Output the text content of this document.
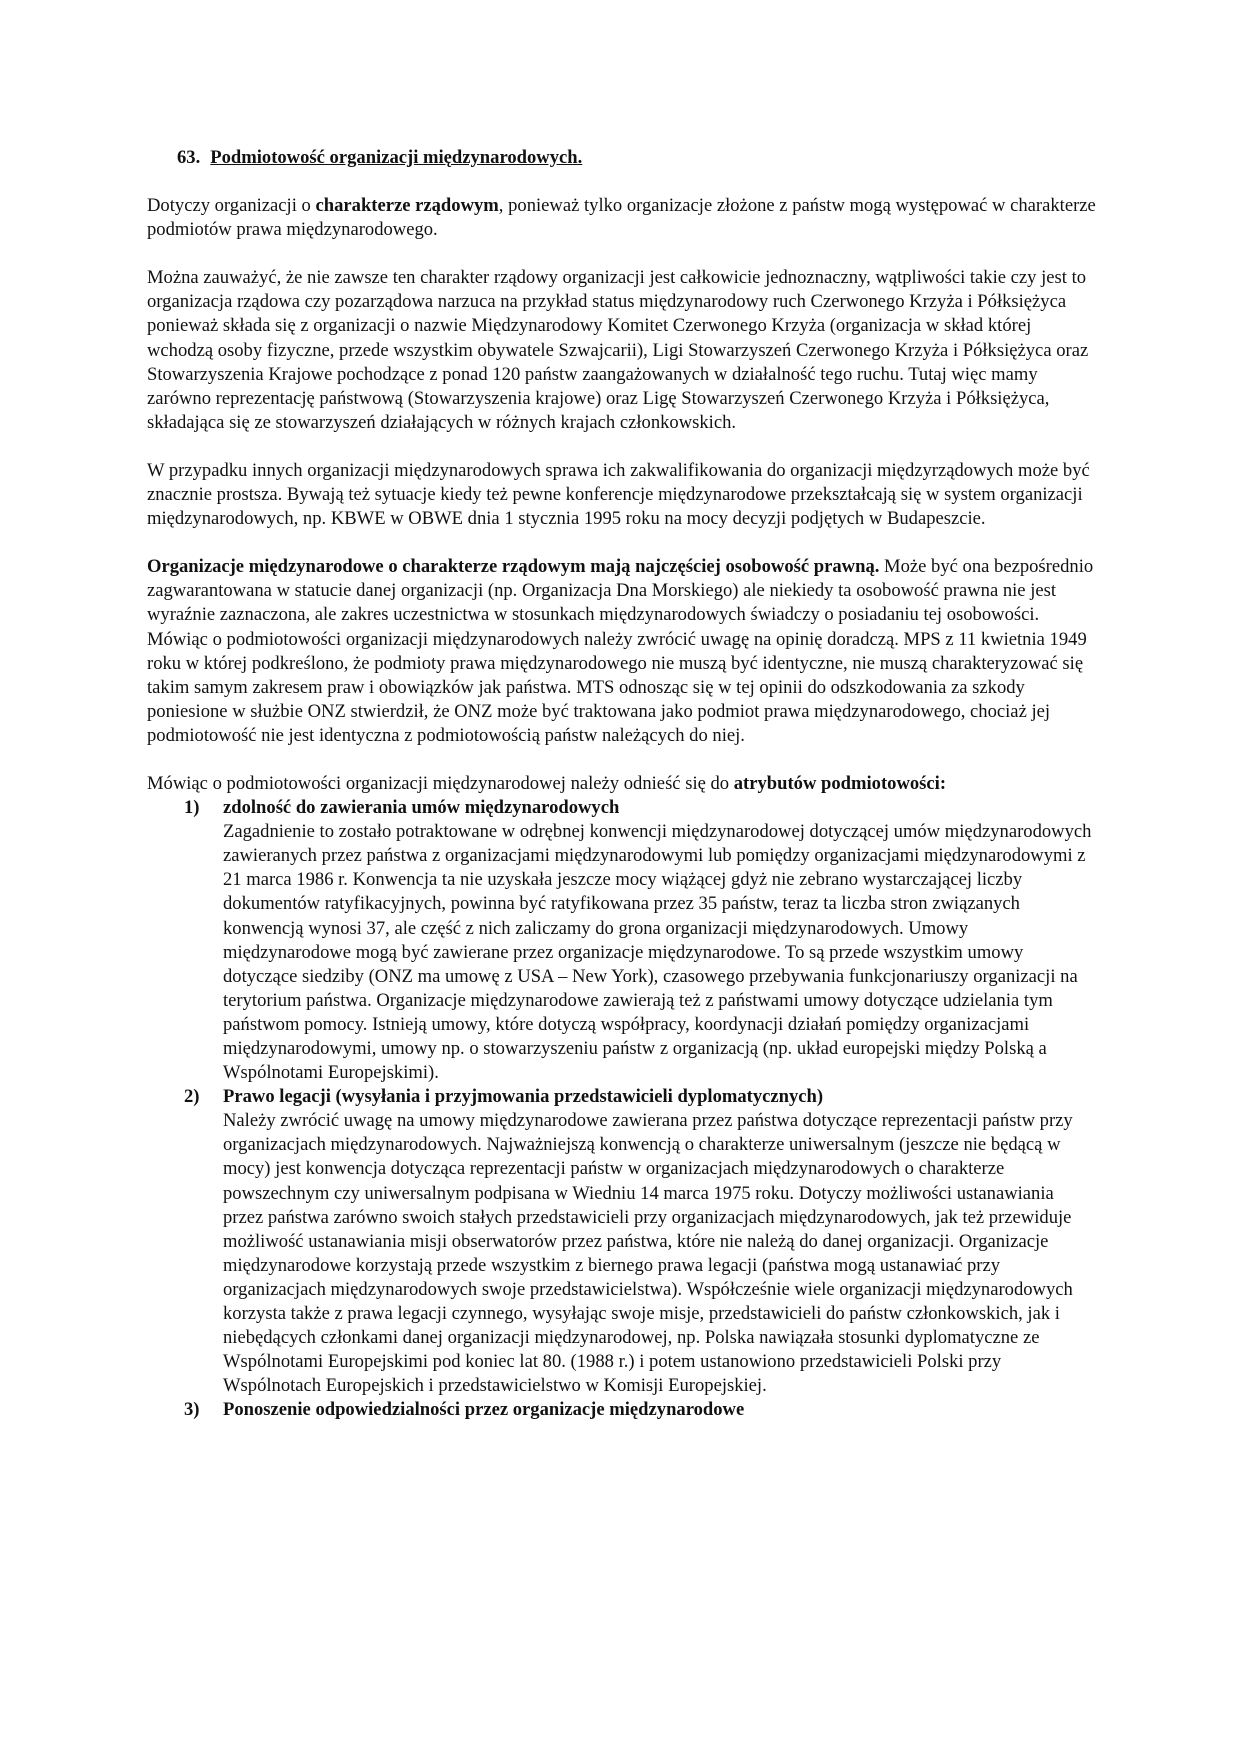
63. Podmiotowość organizacji międzynarodowych.

Dotyczy organizacji o charakterze rządowym, ponieważ tylko organizacje złożone z państw mogą występować w charakterze podmiotów prawa międzynarodowego.

Można zauważyć, że nie zawsze ten charakter rządowy organizacji jest całkowicie jednoznaczny, wątpliwości takie czy jest to organizacja rządowa czy pozarządowa narzuca na przykład status międzynarodowy ruch Czerwonego Krzyża i Półksiężyca ponieważ składa się z organizacji o nazwie Międzynarodowy Komitet Czerwonego Krzyża (organizacja w skład której wchodzą osoby fizyczne, przede wszystkim obywatele Szwajcarii), Ligi Stowarzyszeń Czerwonego Krzyża i Półksiężyca oraz Stowarzyszenia Krajowe pochodzące z ponad 120 państw zaangażowanych w działalność tego ruchu. Tutaj więc mamy zarówno reprezentację państwową (Stowarzyszenia krajowe) oraz Ligę Stowarzyszeń Czerwonego Krzyża i Półksiężyca, składająca się ze stowarzyszeń działających w różnych krajach członkowskich.

W przypadku innych organizacji międzynarodowych sprawa ich zakwalifikowania do organizacji międzyrządowych może być znacznie prostsza. Bywają też sytuacje kiedy też pewne konferencje międzynarodowe przekształcają się w system organizacji międzynarodowych, np. KBWE w OBWE dnia 1 stycznia 1995 roku na mocy decyzji podjętych w Budapeszcie.

Organizacje międzynarodowe o charakterze rządowym mają najczęściej osobowość prawną. Może być ona bezpośrednio zagwarantowana w statucie danej organizacji (np. Organizacja Dna Morskiego) ale niekiedy ta osobowość prawna nie jest wyraźnie zaznaczona, ale zakres uczestnictwa w stosunkach międzynarodowych świadczy o posiadaniu tej osobowości. Mówiąc o podmiotowości organizacji międzynarodowych należy zwrócić uwagę na opinię doradczą. MPS z 11 kwietnia 1949 roku w której podkreślono, że podmioty prawa międzynarodowego nie muszą być identyczne, nie muszą charakteryzować się takim samym zakresem praw i obowiązków jak państwa. MTS odnosząc się w tej opinii do odszkodowania za szkody poniesione w służbie ONZ stwierdził, że ONZ może być traktowana jako podmiot prawa międzynarodowego, chociaż jej podmiotowość nie jest identyczna z podmiotowością państw należących do niej.

Mówiąc o podmiotowości organizacji międzynarodowej należy odnieść się do atrybutów podmiotowości:

1) zdolność do zawierania umów międzynarodowych
Zagadnienie to zostało potraktowane w odrębnej konwencji międzynarodowej dotyczącej umów międzynarodowych zawieranych przez państwa z organizacjami międzynarodowymi lub pomiędzy organizacjami międzynarodowymi z 21 marca 1986 r. Konwencja ta nie uzyskała jeszcze mocy wiążącej gdyż nie zebrano wystarczającej liczby dokumentów ratyfikacyjnych, powinna być ratyfikowana przez 35 państw, teraz ta liczba stron związanych konwencją wynosi 37, ale część z nich zaliczamy do grona organizacji międzynarodowych. Umowy międzynarodowe mogą być zawierane przez organizacje międzynarodowe. To są przede wszystkim umowy dotyczące siedziby (ONZ ma umowę z USA – New York), czasowego przebywania funkcjonariuszy organizacji na terytorium państwa. Organizacje międzynarodowe zawierają też z państwami umowy dotyczące udzielania tym państwom pomocy. Istnieją umowy, które dotyczą współpracy, koordynacji działań pomiędzy organizacjami międzynarodowymi, umowy np. o stowarzyszeniu państw z organizacją (np. układ europejski między Polską a Wspólnotami Europejskimi).
2) Prawo legacji (wysyłania i przyjmowania przedstawicieli dyplomatycznych)
Należy zwrócić uwagę na umowy międzynarodowe zawierana przez państwa dotyczące reprezentacji państw przy organizacjach międzynarodowych. Najważniejszą konwencją o charakterze uniwersalnym (jeszcze nie będącą w mocy) jest konwencja dotycząca reprezentacji państw w organizacjach międzynarodowych o charakterze powszechnym czy uniwersalnym podpisana w Wiedniu 14 marca 1975 roku. Dotyczy możliwości ustanawiania przez państwa zarówno swoich stałych przedstawicieli przy organizacjach międzynarodowych, jak też przewiduje możliwość ustanawiania misji obserwatorów przez państwa, które nie należą do danej organizacji. Organizacje międzynarodowe korzystają przede wszystkim z biernego prawa legacji (państwa mogą ustanawiać przy organizacjach międzynarodowych swoje przedstawicielstwa). Współcześnie wiele organizacji międzynarodowych korzysta także z prawa legacji czynnego, wysyłając swoje misje, przedstawicieli do państw członkowskich, jak i niebędących członkami danej organizacji międzynarodowej, np. Polska nawiązała stosunki dyplomatyczne ze Wspólnotami Europejskimi pod koniec lat 80. (1988 r.) i potem ustanowiono przedstawicieli Polski przy Wspólnotach Europejskich i przedstawicielstwo w Komisji Europejskiej.
3) Ponoszenie odpowiedzialności przez organizacje międzynarodowe
